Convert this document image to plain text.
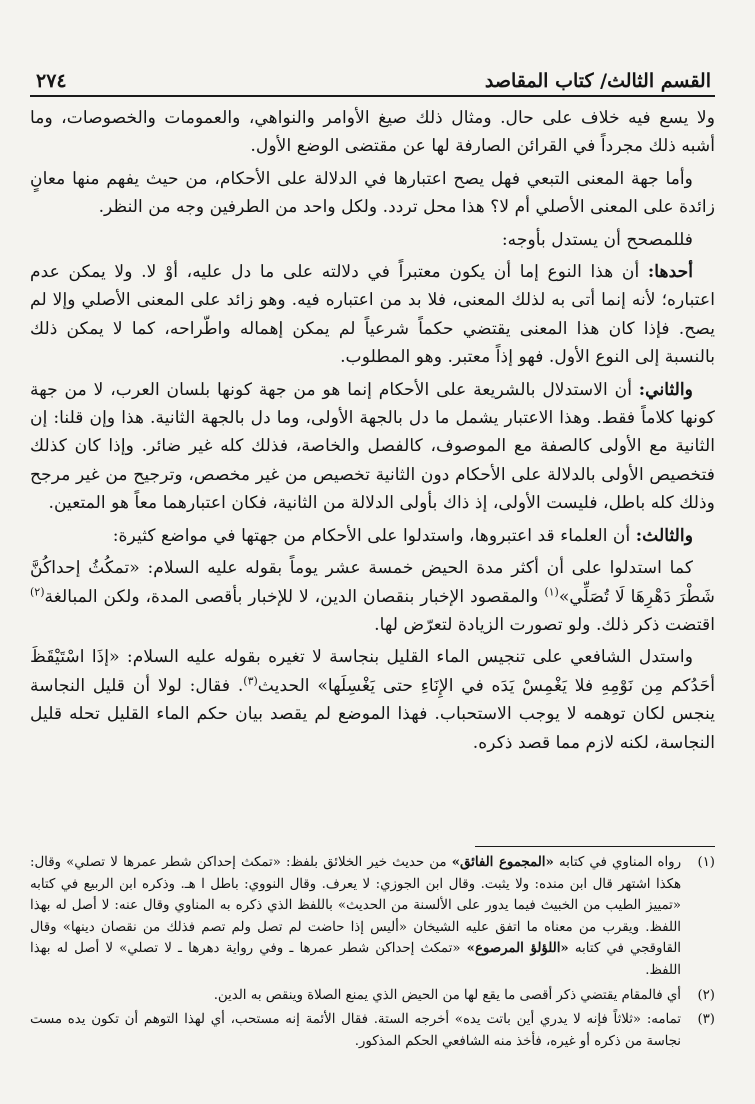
القسم الثالث/ كتاب المقاصد
٢٧٤

ولا يسع فيه خلاف على حال. ومثال ذلك صيغ الأوامر والنواهي، والعمومات والخصوصات، وما أشبه ذلك مجرداً في القرائن الصارفة لها عن مقتضى الوضع الأول.

وأما جهة المعنى التبعي فهل يصح اعتبارها في الدلالة على الأحكام، من حيث يفهم منها معانٍ زائدة على المعنى الأصلي أم لا؟ هذا محل تردد. ولكل واحد من الطرفين وجه من النظر.

فللمصحح أن يستدل بأوجه:

أحدها: أن هذا النوع إما أن يكون معتبراً في دلالته على ما دل عليه، أوْ لا. ولا يمكن عدم اعتباره؛ لأنه إنما أتى به لذلك المعنى، فلا بد من اعتباره فيه. وهو زائد على المعنى الأصلي وإلا لم يصح. فإذا كان هذا المعنى يقتضي حكماً شرعياً لم يمكن إهماله واطّراحه، كما لا يمكن ذلك بالنسبة إلى النوع الأول. فهو إذاً معتبر. وهو المطلوب.

والثاني: أن الاستدلال بالشريعة على الأحكام إنما هو من جهة كونها بلسان العرب، لا من جهة كونها كلاماً فقط. وهذا الاعتبار يشمل ما دل بالجهة الأولى، وما دل بالجهة الثانية. هذا وإن قلنا: إن الثانية مع الأولى كالصفة مع الموصوف، كالفصل والخاصة، فذلك كله غير ضائر. وإذا كان كذلك فتخصيص الأولى بالدلالة على الأحكام دون الثانية تخصيص من غير مخصص، وترجيح من غير مرجح وذلك كله باطل، فليست الأولى، إذ ذاك بأولى الدلالة من الثانية، فكان اعتبارهما معاً هو المتعين.

والثالث: أن العلماء قد اعتبروها، واستدلوا على الأحكام من جهتها في مواضع كثيرة:

كما استدلوا على أن أكثر مدة الحيض خمسة عشر يوماً بقوله عليه السلام: «تمكُثُ إحداكُنَّ شَطْرَ دَهْرِهَا لَا تُصَلِّي»$^{(١)}$ والمقصود الإخبار بنقصان الدين، لا للإخبار بأقصى المدة، ولكن المبالغة$^{(٢)}$ اقتضت ذكر ذلك. ولو تصورت الزيادة لتعرّض لها.

واستدل الشافعي على تنجيس الماء القليل بنجاسة لا تغيره بقوله عليه السلام: «إذَا اسْتَيْقَظَ أحَدُكم مِن نَوْمِهِ فلا يَغْمِسْ يَدَه في الإِنَاءِ حتى يَغْسِلَها» الحديث$^{(٣)}$. فقال: لولا أن قليل النجاسة ينجس لكان توهمه لا يوجب الاستحباب. فهذا الموضع لم يقصد بيان حكم الماء القليل تحله قليل النجاسة، لكنه لازم مما قصد ذكره.

(١)

رواه المناوي في كتابه «المجموع الفائق» من حديث خير الخلائق بلفظ: «تمكث إحداكن شطر عمرها لا تصلي» وقال: هكذا اشتهر قال ابن منده: ولا يثبت. وقال ابن الجوزي: لا يعرف. وقال النووي: باطل ا هـ. وذكره ابن الربيع في كتابه «تمييز الطيب من الخبيث فيما يدور على الألسنة من الحديث» باللفظ الذي ذكره به المناوي وقال عنه: لا أصل له بهذا اللفظ. ويقرب من معناه ما اتفق عليه الشيخان «أليس إذا حاضت لم تصل ولم تصم فذلك من نقصان دينها» وقال القاوقجي في كتابه «اللؤلؤ المرصوع» «تمكث إحداكن شطر عمرها ـ وفي رواية دهرها ـ لا تصلي» لا أصل له بهذا اللفظ.

(٢)

أي فالمقام يقتضي ذكر أقصى ما يقع لها من الحيض الذي يمنع الصلاة وينقص به الدين.

(٣)

تمامه: «ثلاثاً فإنه لا يدري أين باتت يده» أخرجه الستة. فقال الأئمة إنه مستحب، أي لهذا التوهم أن تكون يده مست نجاسة من ذكره أو غيره، فأخذ منه الشافعي الحكم المذكور.
